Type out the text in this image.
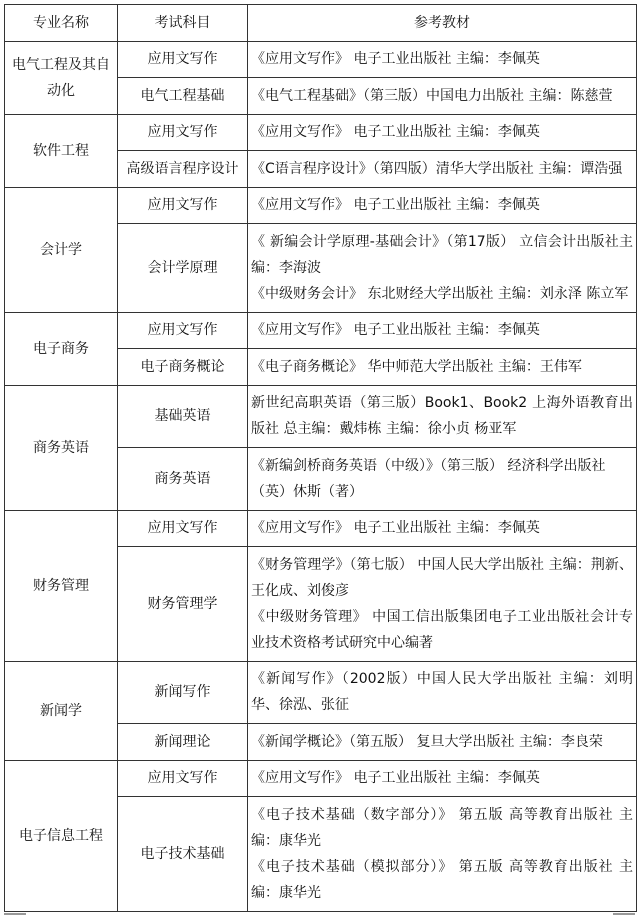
专业名称	考试科目	参考教材
电气工程及其自动化	应用文写作	《应用文写作》 电子工业出版社 主编：李佩英

	电气工程基础	《电气工程基础》（第三版）中国电力出版社 主编：陈慈萱

软件工程	应用文写作	《应用文写作》 电子工业出版社 主编：李佩英

	高级语言程序设计	《C语言程序设计》（第四版）清华大学出版社 主编：谭浩强

会计学	应用文写作	《应用文写作》 电子工业出版社 主编：李佩英

	会计学原理	《 新编会计学原理-基础会计》（第17版） 立信会计出版社主编：李海波
《中级财务会计》 东北财经大学出版社 主编：刘永泽 陈立军

电子商务	应用文写作	《应用文写作》 电子工业出版社 主编：李佩英

	电子商务概论	《电子商务概论》 华中师范大学出版社 主编：王伟军

商务英语	基础英语	新世纪高职英语（第三版）Book1、Book2 上海外语教育出版社 总主编：戴炜栋 主编：徐小贞 杨亚军

	商务英语	《新编剑桥商务英语（中级）》（第三版） 经济科学出版社
（英）休斯（著）

财务管理	应用文写作	《应用文写作》 电子工业出版社 主编：李佩英

	财务管理学	《财务管理学》（第七版） 中国人民大学出版社 主编：荆新、王化成、刘俊彦
《中级财务管理》 中国工信出版集团电子工业出版社会计专业技术资格考试研究中心编著

新闻学	新闻写作	《新闻写作》（2002版）中国人民大学出版社 主编：刘明华、徐泓、张征

	新闻理论	《新闻学概论》（第五版） 复旦大学出版社 主编：李良荣

电子信息工程	应用文写作	《应用文写作》 电子工业出版社 主编：李佩英

	电子技术基础	《电子技术基础（数字部分）》 第五版 高等教育出版社 主编：康华光
《电子技术基础（模拟部分）》 第五版 高等教育出版社 主编：康华光
